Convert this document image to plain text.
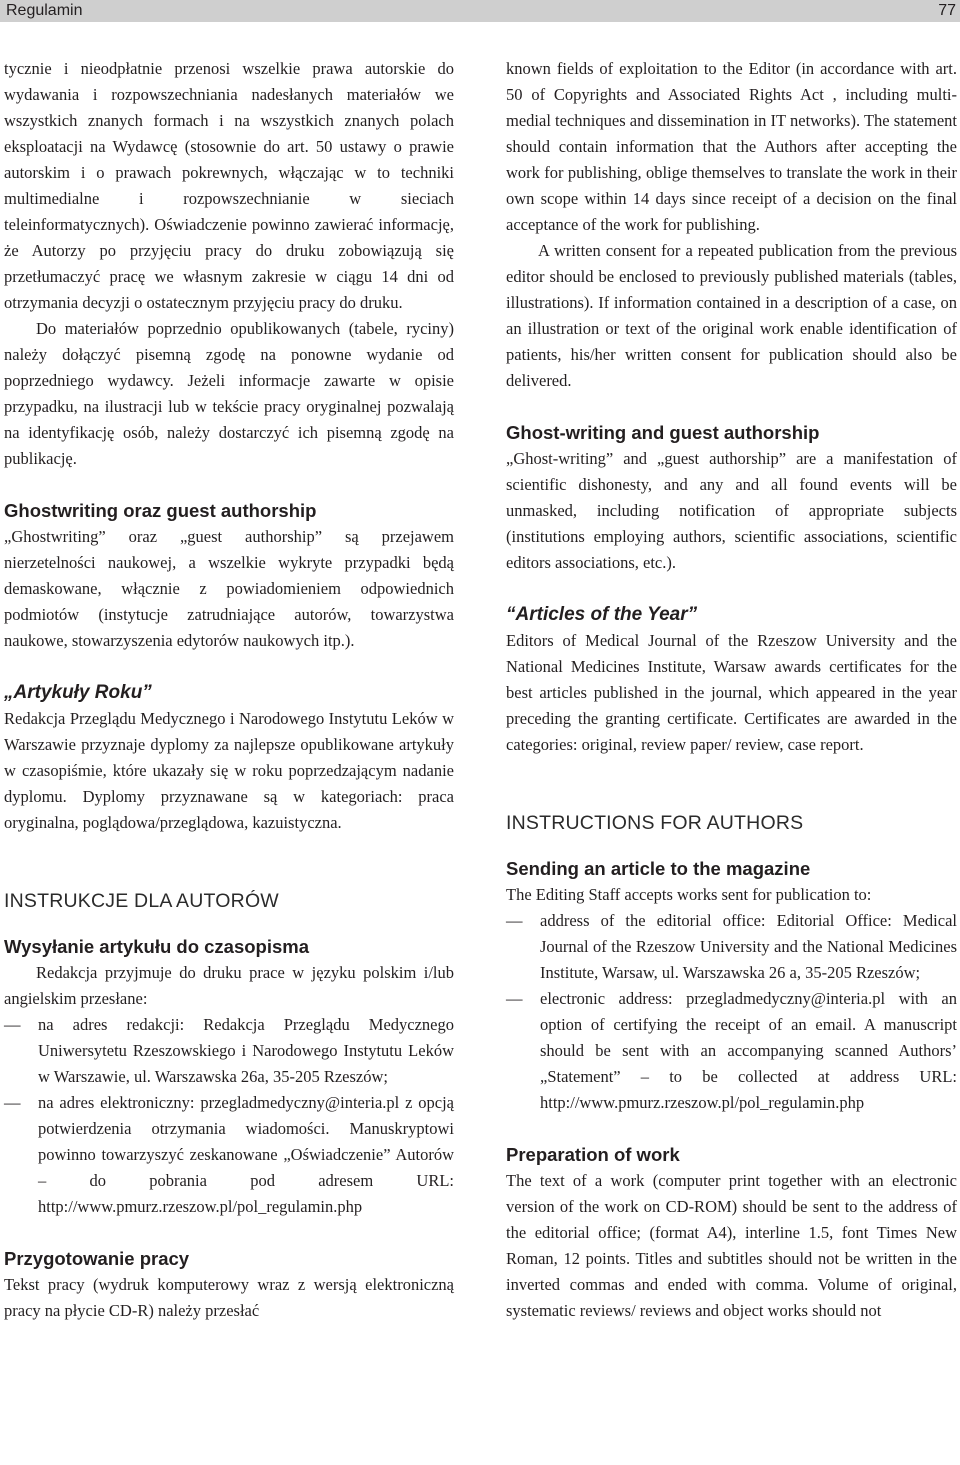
Regulamin	77

tycznie i nieodpłatnie przenosi wszelkie prawa autorskie do wydawania i rozpowszechniania nadesłanych materiałów we wszystkich znanych formach i na wszystkich znanych polach eksploatacji na Wydawcę (stosownie do art. 50 ustawy o prawie autorskim i o prawach pokrewnych, włączając w to techniki multimedialne i rozpowszechnianie w sieciach teleinformatycznych). Oświadczenie powinno zawierać informację, że Autorzy po przyjęciu pracy do druku zobowiązują się przetłumaczyć pracę we własnym zakresie w ciągu 14 dni od otrzymania decyzji o ostatecznym przyjęciu pracy do druku.

Do materiałów poprzednio opublikowanych (tabele, ryciny) należy dołączyć pisemną zgodę na ponowne wydanie od poprzedniego wydawcy. Jeżeli informacje zawarte w opisie przypadku, na ilustracji lub w tekście pracy oryginalnej pozwalają na identyfikację osób, należy dostarczyć ich pisemną zgodę na publikację.

Ghostwriting oraz guest authorship

„Ghostwriting” oraz „guest authorship” są przejawem nierzetelności naukowej, a wszelkie wykryte przypadki będą demaskowane, włącznie z powiadomieniem odpowiednich podmiotów (instytucje zatrudniające autorów, towarzystwa naukowe, stowarzyszenia edytorów naukowych itp.).

„Artykuły Roku”

Redakcja Przeglądu Medycznego i Narodowego Instytutu Leków w Warszawie przyznaje dyplomy za najlepsze opublikowane artykuły w czasopiśmie, które ukazały się w roku poprzedzającym nadanie dyplomu. Dyplomy przyznawane są w kategoriach: praca oryginalna, poglądowa/przeglądowa, kazuistyczna.

INSTRUKCJE DLA AUTORÓW
Wysyłanie artykułu do czasopisma

Redakcja przyjmuje do druku prace w języku polskim i/lub angielskim przesłane:

—	na adres redakcji: Redakcja Przeglądu Medycznego Uniwersytetu Rzeszowskiego i Narodowego Instytutu Leków w Warszawie, ul. Warszawska 26a, 35-205 Rzeszów;

—	na adres elektroniczny: przegladmedyczny@interia.pl z opcją potwierdzenia otrzymania wiadomości. Manuskryptowi powinno towarzyszyć zeskanowane „Oświadczenie” Autorów – do pobrania pod adresem URL: http://www.pmurz.rzeszow.pl/pol_regulamin.php

Przygotowanie pracy

Tekst pracy (wydruk komputerowy wraz z wersją elektroniczną pracy na płycie CD-R) należy przesłać

known fields of exploitation to the Editor (in accordance with art. 50 of Copyrights and Associated Rights Act , including multi-medial techniques and dissemination in IT networks). The statement should contain information that the Authors after accepting the work for publishing, oblige themselves to translate the work in their own scope within 14 days since receipt of a decision on the final acceptance of the work for publishing.

A written consent for a repeated publication from the previous editor should be enclosed to previously published materials (tables, illustrations). If information contained in a description of a case, on an illustration or text of the original work enable identification of patients, his/her written consent for publication should also be delivered.

Ghost-writing and guest authorship

„Ghost-writing” and „guest authorship” are a manifestation of scientific dishonesty, and any and all found events will be unmasked, including notification of appropriate subjects (institutions employing authors, scientific associations, scientific editors associations, etc.).

“Articles of the Year”

Editors of Medical Journal of the Rzeszow University and the National Medicines Institute, Warsaw awards certificates for the best articles published in the journal, which appeared in the year preceding the granting certificate. Certificates are awarded in the categories: original, review paper/ review, case report.

INSTRUCTIONS FOR AUTHORS
Sending an article to the magazine

The Editing Staff accepts works sent for publication to:

—	address of the editorial office: Editorial Office: Medical Journal of the Rzeszow University and the National Medicines Institute, Warsaw, ul. Warszawska 26 a, 35-205 Rzeszów;

—	electronic address: przegladmedyczny@interia.pl with an option of certifying the receipt of an email. A manuscript should be sent with an accompanying scanned Authors’ „Statement” – to be collected at address URL: http://www.pmurz.rzeszow.pl/pol_regulamin.php

Preparation of work

The text of a work (computer print together with an electronic version of the work on CD-ROM) should be sent to the address of the editorial office; (format A4), interline 1.5, font Times New Roman, 12 points. Titles and subtitles should not be written in the inverted commas and ended with comma. Volume of original, systematic reviews/ reviews and object works should not
